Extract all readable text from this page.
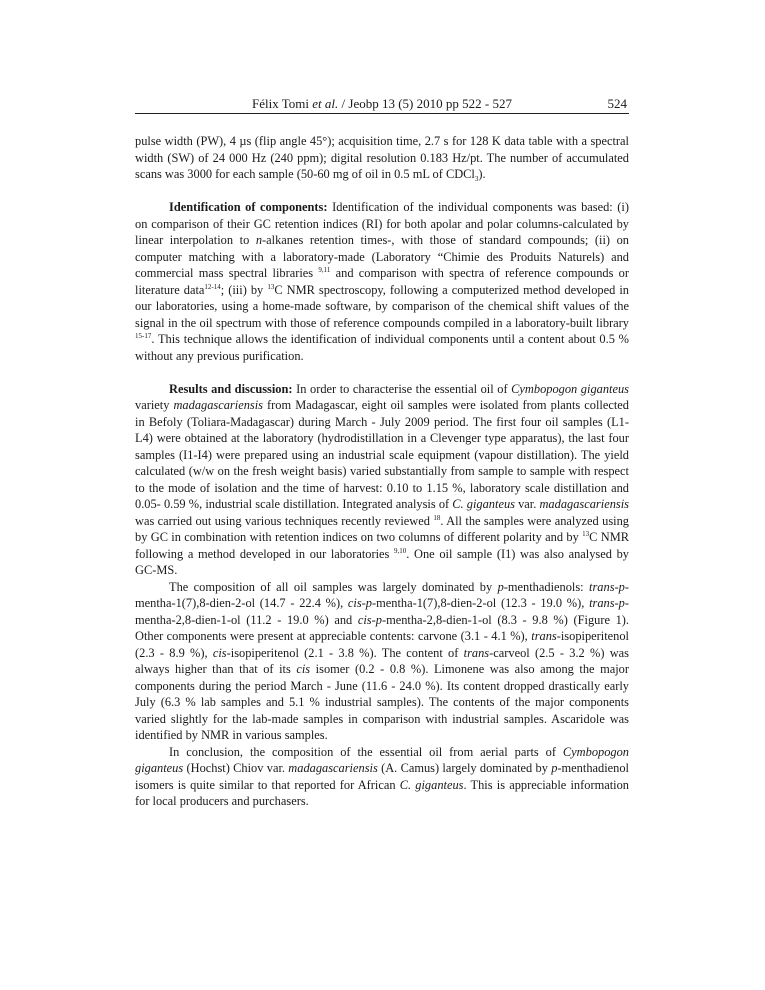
Félix Tomi et al. / Jeobp 13 (5) 2010 pp 522 - 527	524

pulse width (PW), 4 µs (flip angle 45°); acquisition time, 2.7 s for 128 K data table with a spectral width (SW) of 24 000 Hz (240 ppm); digital resolution 0.183 Hz/pt. The number of accumulated scans was 3000 for each sample (50-60 mg of oil in 0.5 mL of CDCl$_3$).

Identification of components: Identification of the individual components was based: (i) on comparison of their GC retention indices (RI) for both apolar and polar columns-calculated by linear interpolation to n-alkanes retention times-, with those of standard compounds; (ii) on computer matching with a laboratory-made (Laboratory “Chimie des Produits Naturels) and commercial mass spectral libraries $^{9,11}$ and comparison with spectra of reference compounds or literature data$^{12-14}$; (iii) by $^{13}$C NMR spectroscopy, following a computerized method developed in our laboratories, using a home-made software, by comparison of the chemical shift values of the signal in the oil spectrum with those of reference compounds compiled in a laboratory-built library $^{15-17}$. This technique allows the identification of individual components until a content about 0.5 % without any previous purification.

Results and discussion: In order to characterise the essential oil of Cymbopogon giganteus variety madagascariensis from Madagascar, eight oil samples were isolated from plants collected in Befoly (Toliara-Madagascar) during March - July 2009 period. The first four oil samples (L1-L4) were obtained at the laboratory (hydrodistillation in a Clevenger type apparatus), the last four samples (I1-I4) were prepared using an industrial scale equipment (vapour distillation). The yield calculated (w/w on the fresh weight basis) varied substantially from sample to sample with respect to the mode of isolation and the time of harvest: 0.10 to 1.15 %, laboratory scale distillation and 0.05- 0.59 %, industrial scale distillation. Integrated analysis of C. giganteus var. madagascariensis was carried out using various techniques recently reviewed $^{18}$. All the samples were analyzed using by GC in combination with retention indices on two columns of different polarity and by $^{13}$C NMR following a method developed in our laboratories $^{9,10}$. One oil sample (I1) was also analysed by GC-MS.

The composition of all oil samples was largely dominated by p-menthadienols: trans-p-mentha-1(7),8-dien-2-ol (14.7 - 22.4 %), cis-p-mentha-1(7),8-dien-2-ol (12.3 - 19.0 %), trans-p-mentha-2,8-dien-1-ol (11.2 - 19.0 %) and cis-p-mentha-2,8-dien-1-ol (8.3 - 9.8 %) (Figure 1). Other components were present at appreciable contents: carvone (3.1 - 4.1 %), trans-isopiperitenol (2.3 - 8.9 %), cis-isopiperitenol (2.1 - 3.8 %). The content of trans-carveol (2.5 - 3.2 %) was always higher than that of its cis isomer (0.2 - 0.8 %). Limonene was also among the major components during the period March - June (11.6 - 24.0 %). Its content dropped drastically early July (6.3 % lab samples and 5.1 % industrial samples). The contents of the major components varied slightly for the lab-made samples in comparison with industrial samples. Ascaridole was identified by NMR in various samples.

In conclusion, the composition of the essential oil from aerial parts of Cymbopogon giganteus (Hochst) Chiov var. madagascariensis (A. Camus) largely dominated by p-menthadienol isomers is quite similar to that reported for African C. giganteus. This is appreciable information for local producers and purchasers.
